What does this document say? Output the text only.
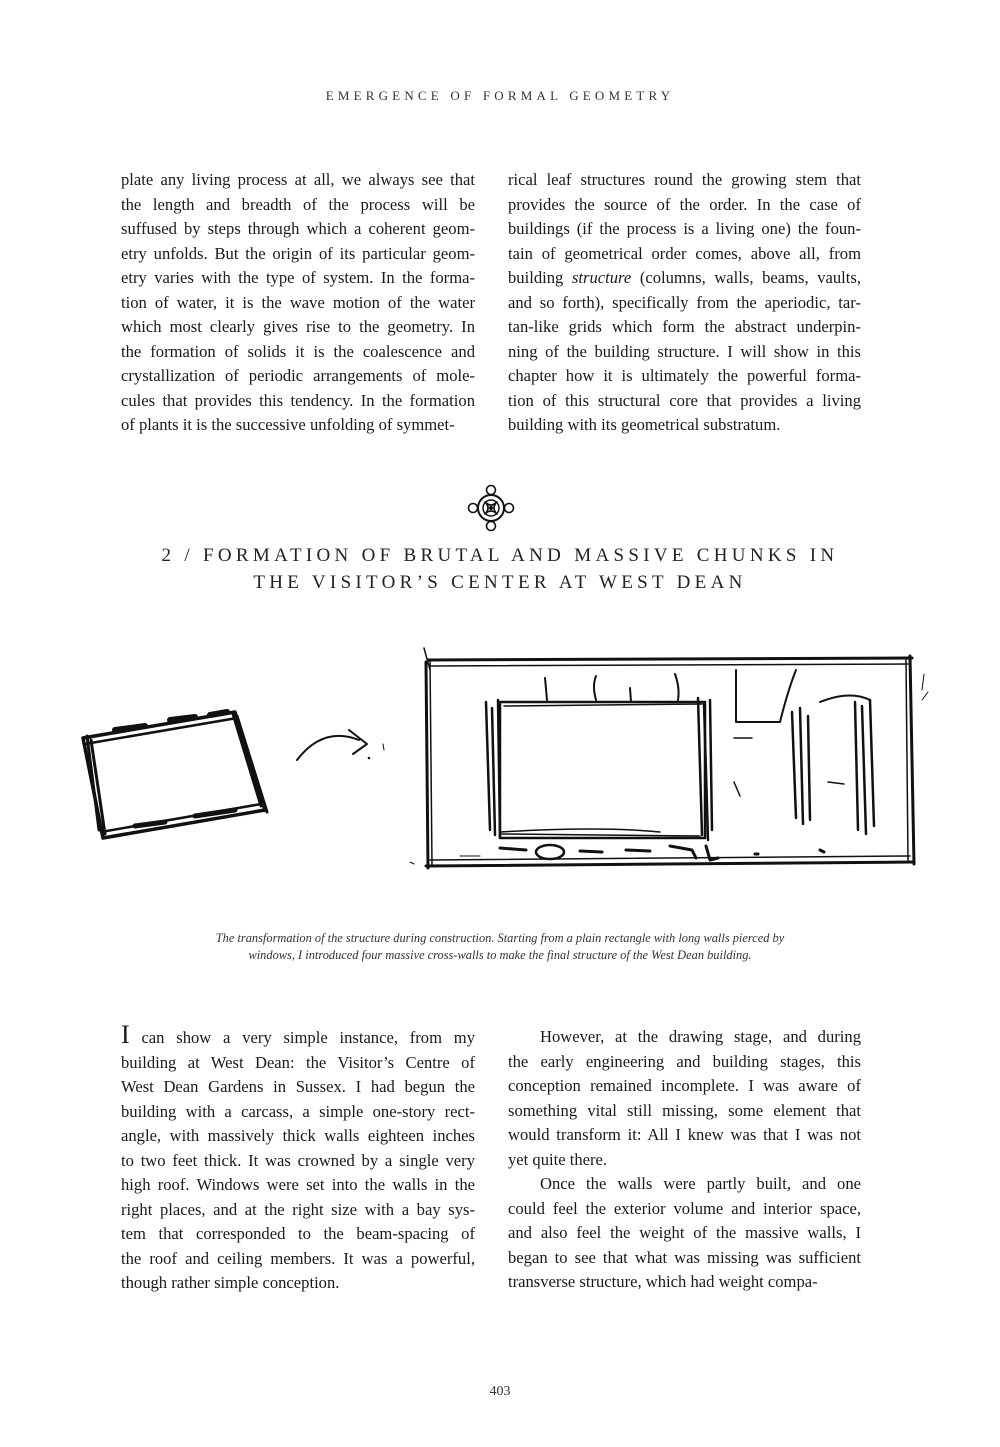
EMERGENCE OF FORMAL GEOMETRY

plate any living process at all, we always see that
the length and breadth of the process will be
suffused by steps through which a coherent geom-
etry unfolds. But the origin of its particular geom-
etry varies with the type of system. In the forma-
tion of water, it is the wave motion of the water
which most clearly gives rise to the geometry. In
the formation of solids it is the coalescence and
crystallization of periodic arrangements of mole-
cules that provides this tendency. In the formation
of plants it is the successive unfolding of symmet-

rical leaf structures round the growing stem that
provides the source of the order. In the case of
buildings (if the process is a living one) the foun-
tain of geometrical order comes, above all, from
building structure (columns, walls, beams, vaults,
and so forth), specifically from the aperiodic, tar-
tan-like grids which form the abstract underpin-
ning of the building structure. I will show in this
chapter how it is ultimately the powerful forma-
tion of this structural core that provides a living
building with its geometrical substratum.

2 / FORMATION OF BRUTAL AND MASSIVE CHUNKS IN
THE VISITOR’S CENTER AT WEST DEAN
The transformation of the structure during construction. Starting from a plain rectangle with long walls pierced by
windows, I introduced four massive cross-walls to make the final structure of the West Dean building.

I can show a very simple instance, from my
building at West Dean: the Visitor’s Centre of
West Dean Gardens in Sussex. I had begun the
building with a carcass, a simple one-story rect-
angle, with massively thick walls eighteen inches
to two feet thick. It was crowned by a single very
high roof. Windows were set into the walls in the
right places, and at the right size with a bay sys-
tem that corresponded to the beam-spacing of
the roof and ceiling members. It was a powerful,
though rather simple conception.

However, at the drawing stage, and during
the early engineering and building stages, this
conception remained incomplete. I was aware of
something vital still missing, some element that
would transform it: All I knew was that I was not
yet quite there.

Once the walls were partly built, and one
could feel the exterior volume and interior space,
and also feel the weight of the massive walls, I
began to see that what was missing was sufficient
transverse structure, which had weight compa-

403
